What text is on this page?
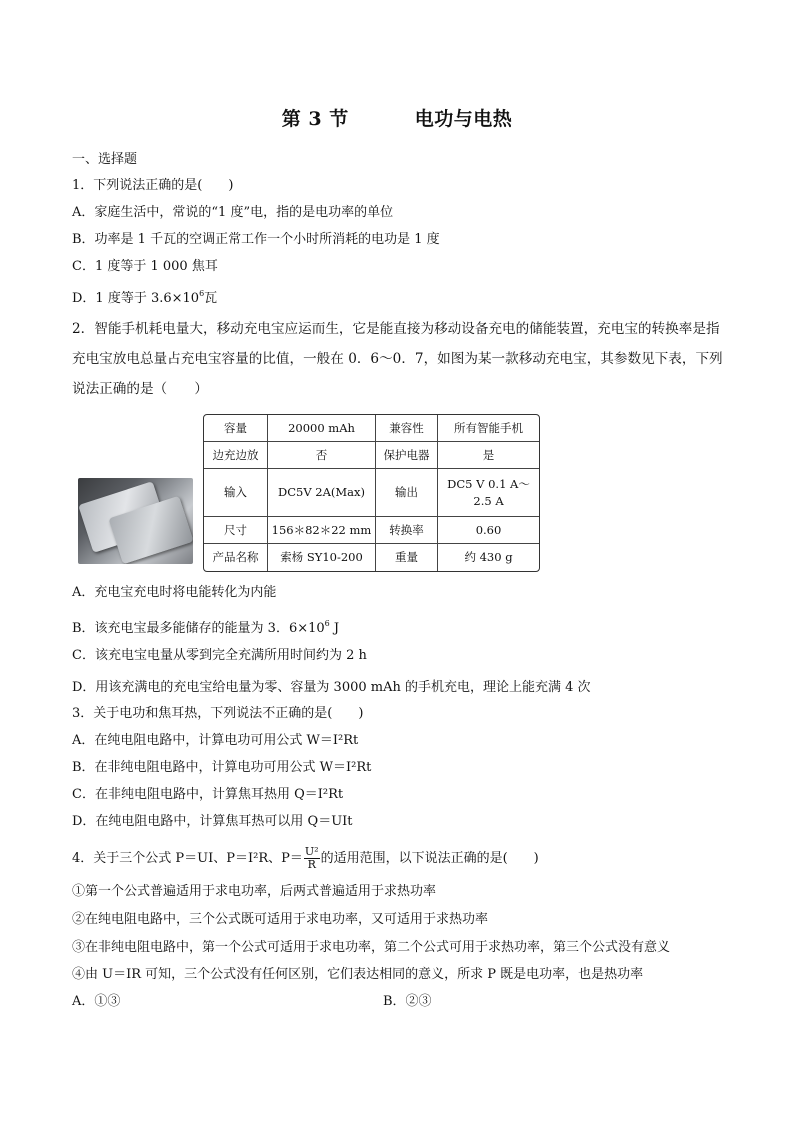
第 3 节	电功与电热
一、选择题
1．下列说法正确的是(　　)
A．家庭生活中，常说的“1 度”电，指的是电功率的单位
B．功率是 1 千瓦的空调正常工作一个小时所消耗的电功是 1 度
C．1 度等于 1 000 焦耳
D．1 度等于 $3.6\times 10^6$瓦
2．智能手机耗电量大，移动充电宝应运而生，它是能直接为移动设备充电的储能装置，充电宝的转换率是指充电宝放电总量占充电宝容量的比值，一般在 0．6～0．7，如图为某一款移动充电宝，其参数见下表，下列说法正确的是（　　）
容量	20000 mAh	兼容性	所有智能手机
边充边放	否	保护电器	是
输入	DC5V 2A(Max)	输出	DC5 V 0.1 A～2.5 A
尺寸	156＊82＊22 mm	转换率	0.60
产品名称	索杨 SY10-200	重量	约 430 g
A．充电宝充电时将电能转化为内能
B．该充电宝最多能储存的能量为 3．$6\times 10^6$ J
C．该充电宝电量从零到完全充满所用时间约为 2 h
D．用该充满电的充电宝给电量为零、容量为 3000 mAh 的手机充电，理论上能充满 4 次
3．关于电功和焦耳热，下列说法不正确的是(　　)
A．在纯电阻电路中，计算电功可用公式 W＝I²Rt
B．在非纯电阻电路中，计算电功可用公式 W＝I²Rt
C．在非纯电阻电路中，计算焦耳热用 Q＝I²Rt
D．在纯电阻电路中，计算焦耳热可以用 Q＝UIt
4．关于三个公式 P＝UI、P＝I²R、$P= \frac{\text{U²}}{R}$ 的适用范围，以下说法正确的是(　　)
①第一个公式普遍适用于求电功率，后两式普遍适用于求热功率
②在纯电阻电路中，三个公式既可适用于求电功率，又可适用于求热功率
③在非纯电阻电路中，第一个公式可适用于求电功率，第二个公式可用于求热功率，第三个公式没有意义
④由 U＝IR 可知，三个公式没有任何区别，它们表达相同的意义，所求 P 既是电功率，也是热功率
A．①③	B．②③
